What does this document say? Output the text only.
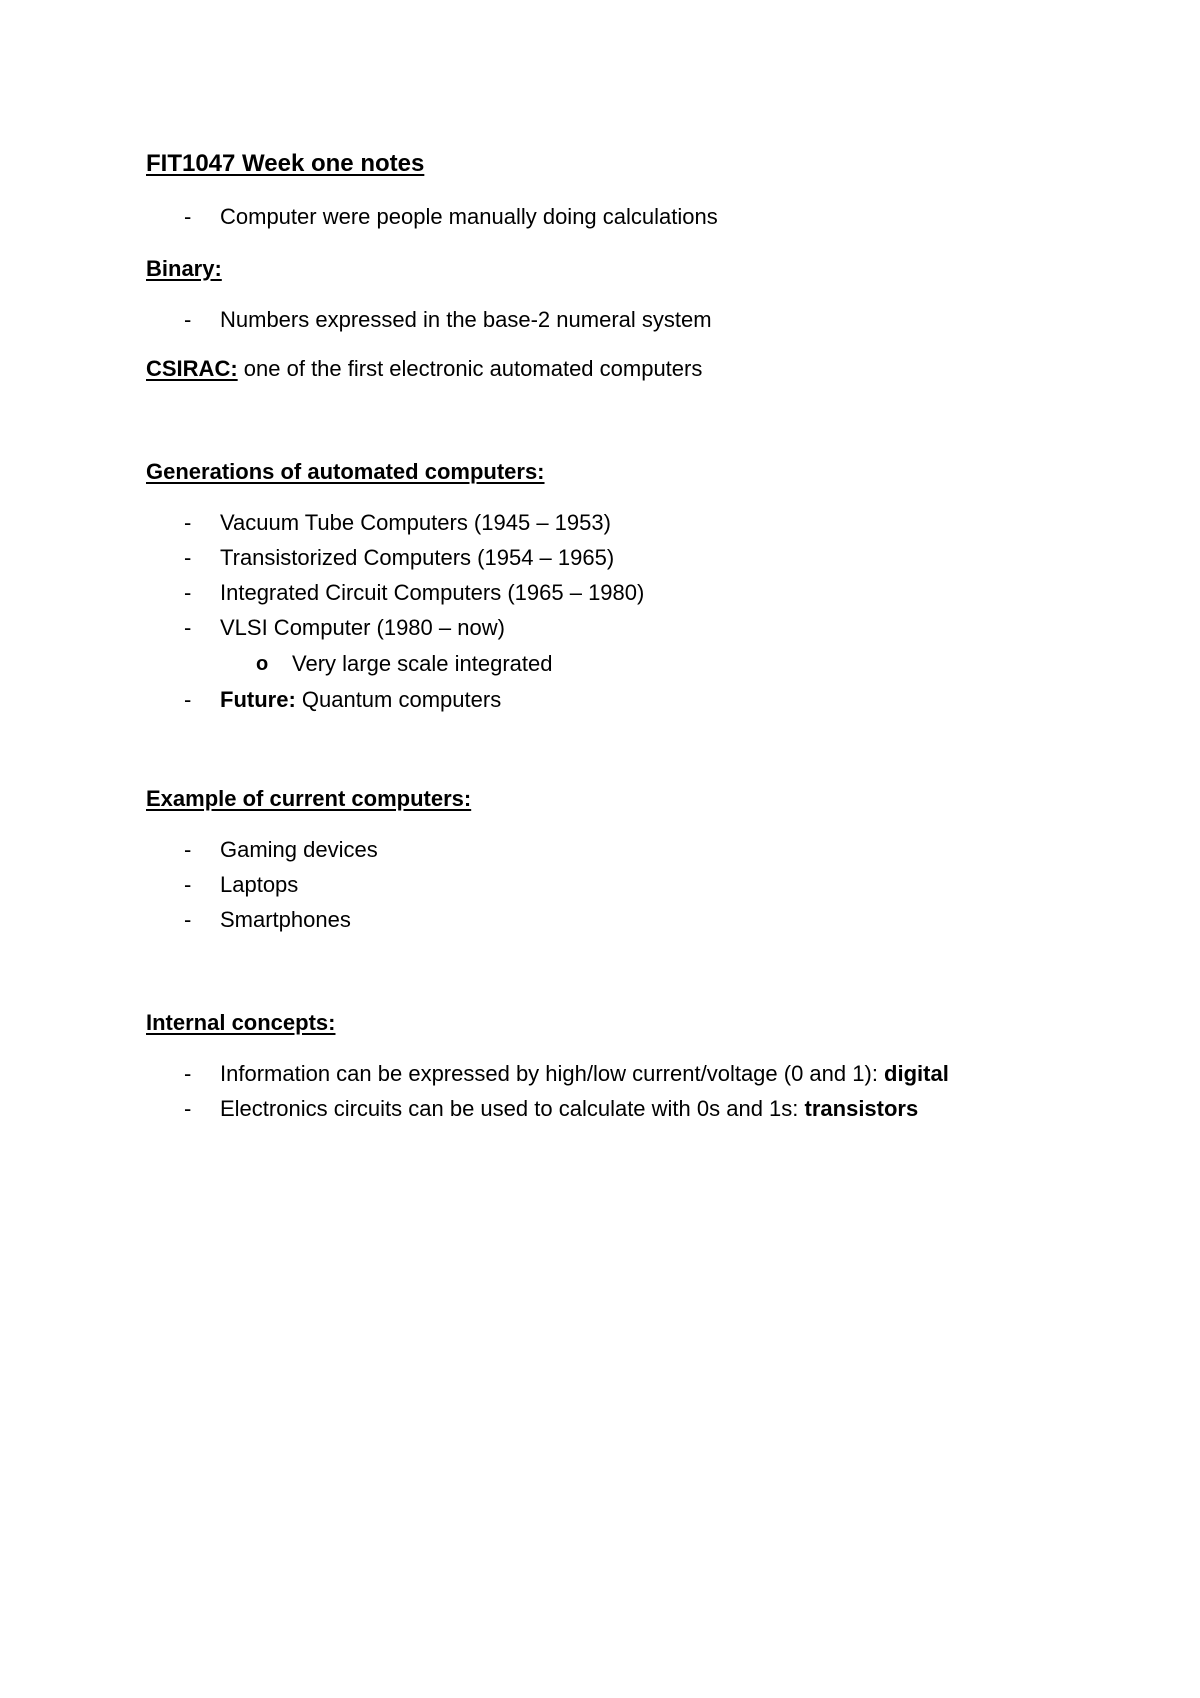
FIT1047 Week one notes
- Computer were people manually doing calculations
Binary:
- Numbers expressed in the base-2 numeral system
CSIRAC: one of the first electronic automated computers
Generations of automated computers:
- Vacuum Tube Computers (1945 – 1953)
- Transistorized Computers (1954 – 1965)
- Integrated Circuit Computers (1965 – 1980)
- VLSI Computer (1980 – now)
o Very large scale integrated
- Future: Quantum computers
Example of current computers:
- Gaming devices
- Laptops
- Smartphones
Internal concepts:
- Information can be expressed by high/low current/voltage (0 and 1): digital
- Electronics circuits can be used to calculate with 0s and 1s: transistors
